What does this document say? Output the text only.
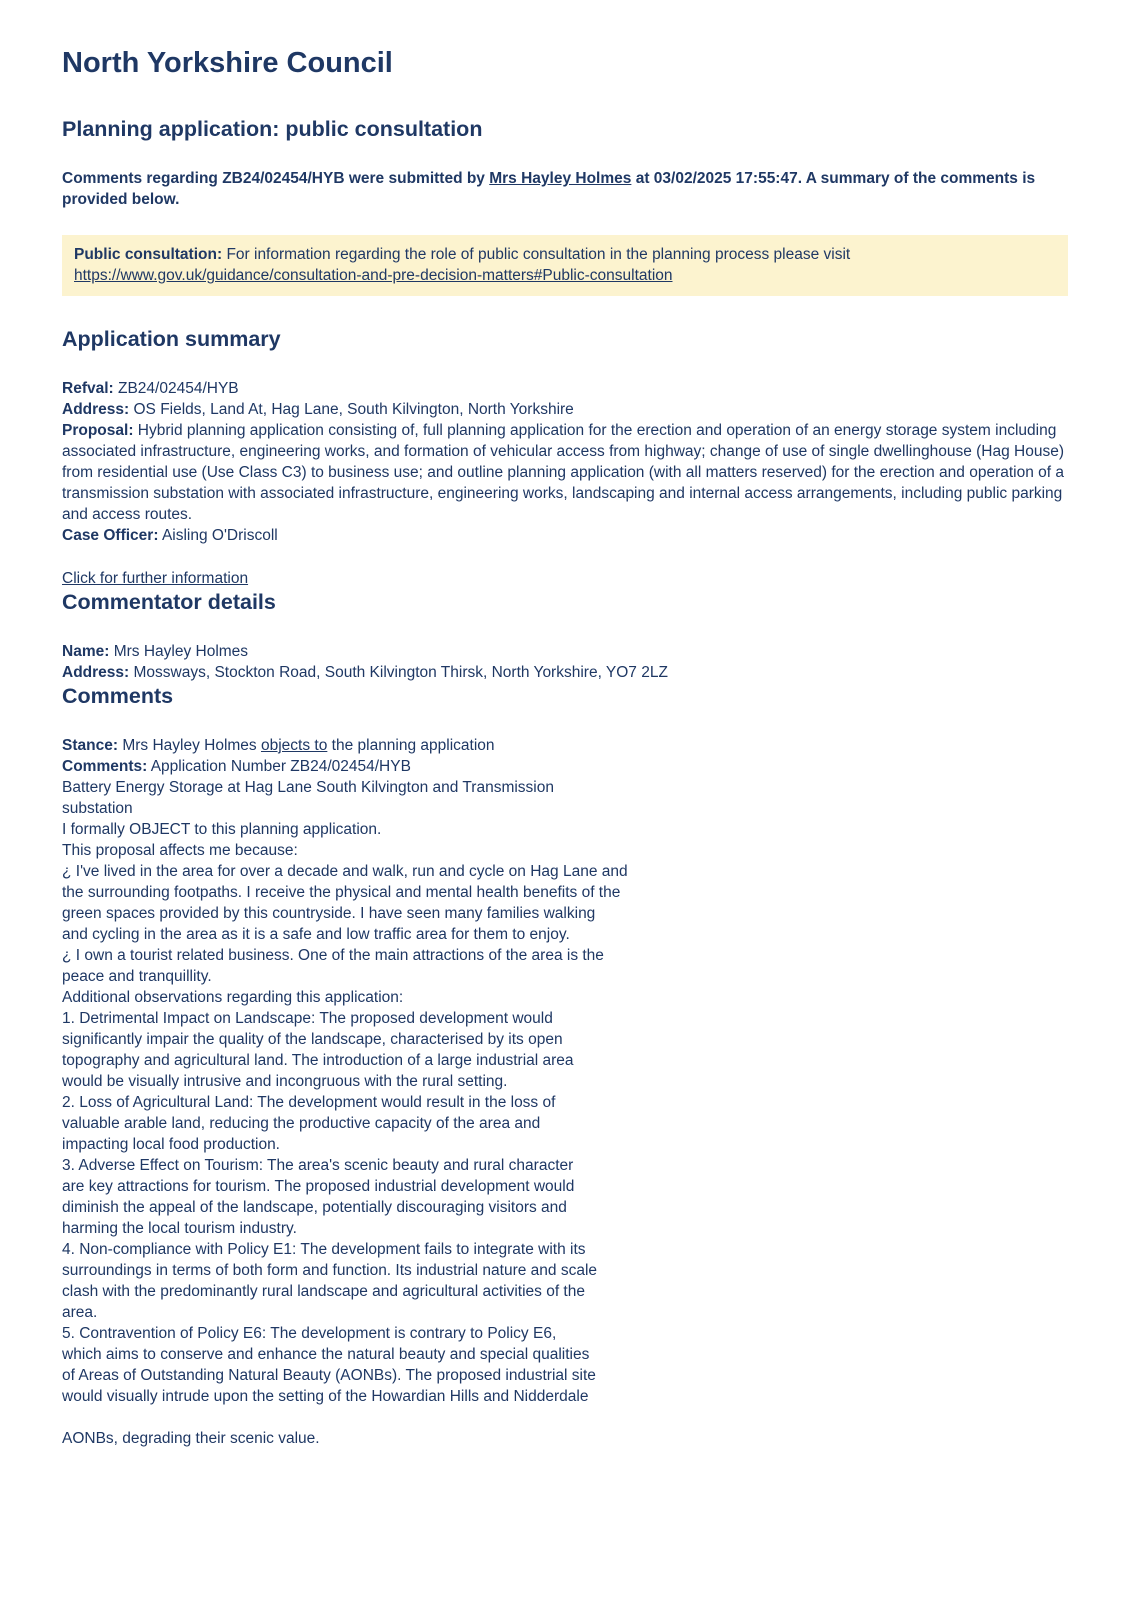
North Yorkshire Council
Planning application: public consultation

Comments regarding ZB24/02454/HYB were submitted by Mrs Hayley Holmes at 03/02/2025 17:55:47. A summary of the comments is provided below.

Public consultation: For information regarding the role of public consultation in the planning process please visit https://www.gov.uk/guidance/consultation-and-pre-decision-matters#Public-consultation
Application summary
Refval: ZB24/02454/HYB
Address: OS Fields, Land At, Hag Lane, South Kilvington, North Yorkshire
Proposal: Hybrid planning application consisting of, full planning application for the erection and operation of an energy storage system including associated infrastructure, engineering works, and formation of vehicular access from highway; change of use of single dwellinghouse (Hag House) from residential use (Use Class C3) to business use; and outline planning application (with all matters reserved) for the erection and operation of a transmission substation with associated infrastructure, engineering works, landscaping and internal access arrangements, including public parking and access routes.
Case Officer: Aisling O'Driscoll
Click for further information
Commentator details
Name: Mrs Hayley Holmes
Address: Mossways, Stockton Road, South Kilvington Thirsk, North Yorkshire, YO7 2LZ
Comments
Stance: Mrs Hayley Holmes objects to the planning application
Comments: Application Number ZB24/02454/HYB
Battery Energy Storage at Hag Lane South Kilvington and Transmission
substation
I formally OBJECT to this planning application.
This proposal affects me because:
¿ I've lived in the area for over a decade and walk, run and cycle on Hag Lane and
the surrounding footpaths. I receive the physical and mental health benefits of the
green spaces provided by this countryside. I have seen many families walking
and cycling in the area as it is a safe and low traffic area for them to enjoy.
¿ I own a tourist related business. One of the main attractions of the area is the
peace and tranquillity.
Additional observations regarding this application:
1. Detrimental Impact on Landscape: The proposed development would
significantly impair the quality of the landscape, characterised by its open
topography and agricultural land. The introduction of a large industrial area
would be visually intrusive and incongruous with the rural setting.
2. Loss of Agricultural Land: The development would result in the loss of
valuable arable land, reducing the productive capacity of the area and
impacting local food production.
3. Adverse Effect on Tourism: The area's scenic beauty and rural character
are key attractions for tourism. The proposed industrial development would
diminish the appeal of the landscape, potentially discouraging visitors and
harming the local tourism industry.
4. Non-compliance with Policy E1: The development fails to integrate with its
surroundings in terms of both form and function. Its industrial nature and scale
clash with the predominantly rural landscape and agricultural activities of the
area.
5. Contravention of Policy E6: The development is contrary to Policy E6,
which aims to conserve and enhance the natural beauty and special qualities
of Areas of Outstanding Natural Beauty (AONBs). The proposed industrial site
would visually intrude upon the setting of the Howardian Hills and Nidderdale

AONBs, degrading their scenic value.
